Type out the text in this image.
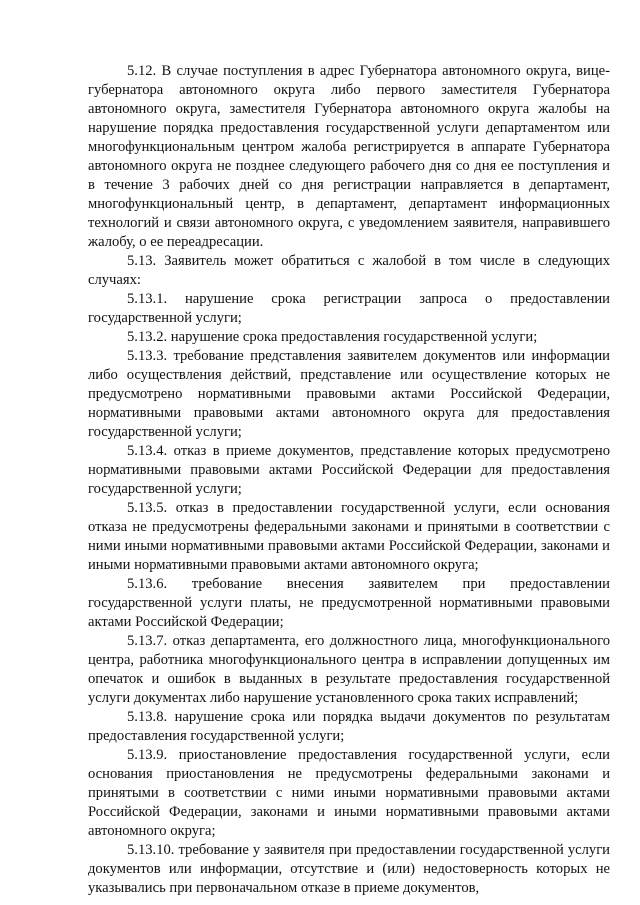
5.12. В случае поступления в адрес Губернатора автономного округа, вице-губернатора автономного округа либо первого заместителя Губернатора автономного округа, заместителя Губернатора автономного округа жалобы на нарушение порядка предоставления государственной услуги департаментом или многофункциональным центром жалоба регистрируется в аппарате Губернатора автономного округа не позднее следующего рабочего дня со дня ее поступления и в течение 3 рабочих дней со дня регистрации направляется в департамент, многофункциональный центр, в департамент, департамент информационных технологий и связи автономного округа, с уведомлением заявителя, направившего жалобу, о ее переадресации.

5.13. Заявитель может обратиться с жалобой в том числе в следующих случаях:

5.13.1. нарушение срока регистрации запроса о предоставлении государственной услуги;

5.13.2. нарушение срока предоставления государственной услуги;

5.13.3. требование представления заявителем документов или информации либо осуществления действий, представление или осуществление которых не предусмотрено нормативными правовыми актами Российской Федерации, нормативными правовыми актами автономного округа для предоставления государственной услуги;

5.13.4. отказ в приеме документов, представление которых предусмотрено нормативными правовыми актами Российской Федерации для предоставления государственной услуги;

5.13.5. отказ в предоставлении государственной услуги, если основания отказа не предусмотрены федеральными законами и принятыми в соответствии с ними иными нормативными правовыми актами Российской Федерации, законами и иными нормативными правовыми актами автономного округа;

5.13.6. требование внесения заявителем при предоставлении государственной услуги платы, не предусмотренной нормативными правовыми актами Российской Федерации;

5.13.7. отказ департамента, его должностного лица, многофункционального центра, работника многофункционального центра в исправлении допущенных им опечаток и ошибок в выданных в результате предоставления государственной услуги документах либо нарушение установленного срока таких исправлений;

5.13.8. нарушение срока или порядка выдачи документов по результатам предоставления государственной услуги;

5.13.9. приостановление предоставления государственной услуги, если основания приостановления не предусмотрены федеральными законами и принятыми в соответствии с ними иными нормативными правовыми актами Российской Федерации, законами и иными нормативными правовыми актами автономного округа;

5.13.10. требование у заявителя при предоставлении государственной услуги документов или информации, отсутствие и (или) недостоверность которых не указывались при первоначальном отказе в приеме документов,
